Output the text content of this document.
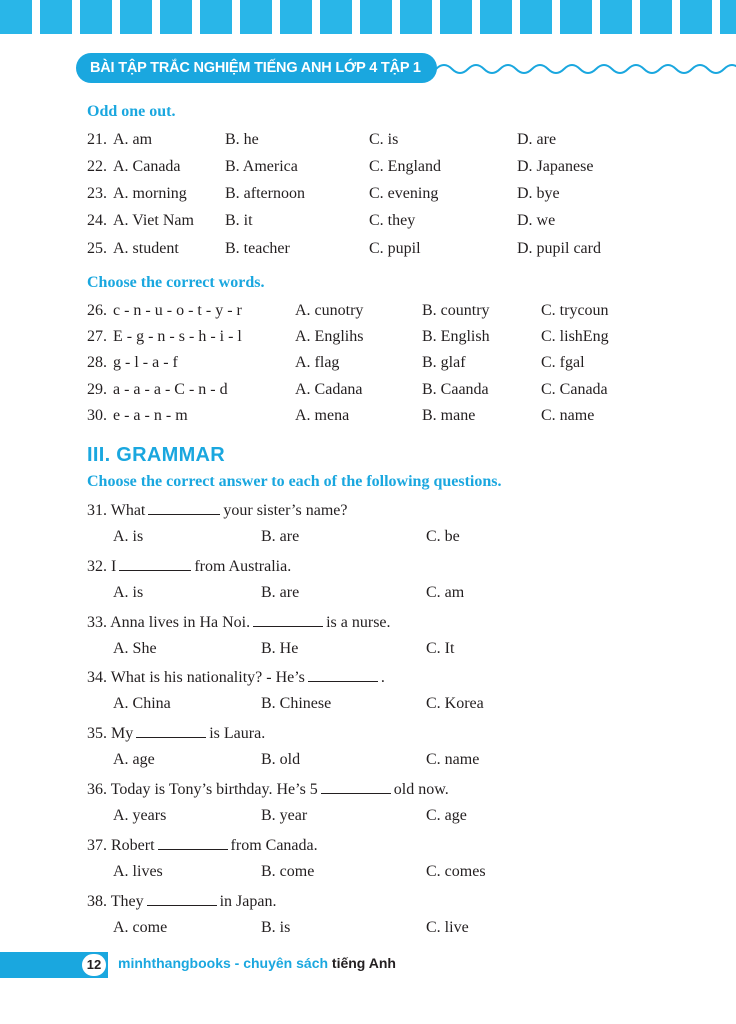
BÀI TẬP TRẮC NGHIỆM TIẾNG ANH LỚP 4 TẬP 1
Odd one out.
21. A. am	B. he	C. is	D. are
22. A. Canada	B. America	C. England	D. Japanese
23. A. morning B. afternoon	C. evening	D. bye
24. A. Viet Nam B. it	C. they	D. we
25. A. student	B. teacher	C. pupil	D. pupil card
Choose the correct words.
26. c - n - u - o - t - y - r	A. cunotry	B. country	C. trycoun
27. E - g - n - s - h - i - l	A. Englihs	B. English	C. lishEng
28. g - l - a - f	A. flag	B. glaf	C. fgal
29. a - a - a - C - n - d	A. Cadana	B. Caanda	C. Canada
30. e - a - n - m	A. mena	B. mane	C. name
III. GRAMMAR
Choose the correct answer to each of the following questions.
31. What	your sister’s name?
A. is	B. are	C. be
32. I	from Australia.
A. is	B. are	C. am
33. Anna lives in Ha Noi.	is a nurse.
A. She	B. He	C. It
34. What is his nationality? - He’s	.
A. China	B. Chinese	C. Korea
35. My	is Laura.
A. age	B. old	C. name
36. Today is Tony’s birthday. He’s 5	old now.
A. years	B. year	C. age
37. Robert	from Canada.
A. lives	B. come	C. comes
38. They	in Japan.
A. come	B. is	C. live
12	minhthangbooks - chuyên sách tiếng Anh
